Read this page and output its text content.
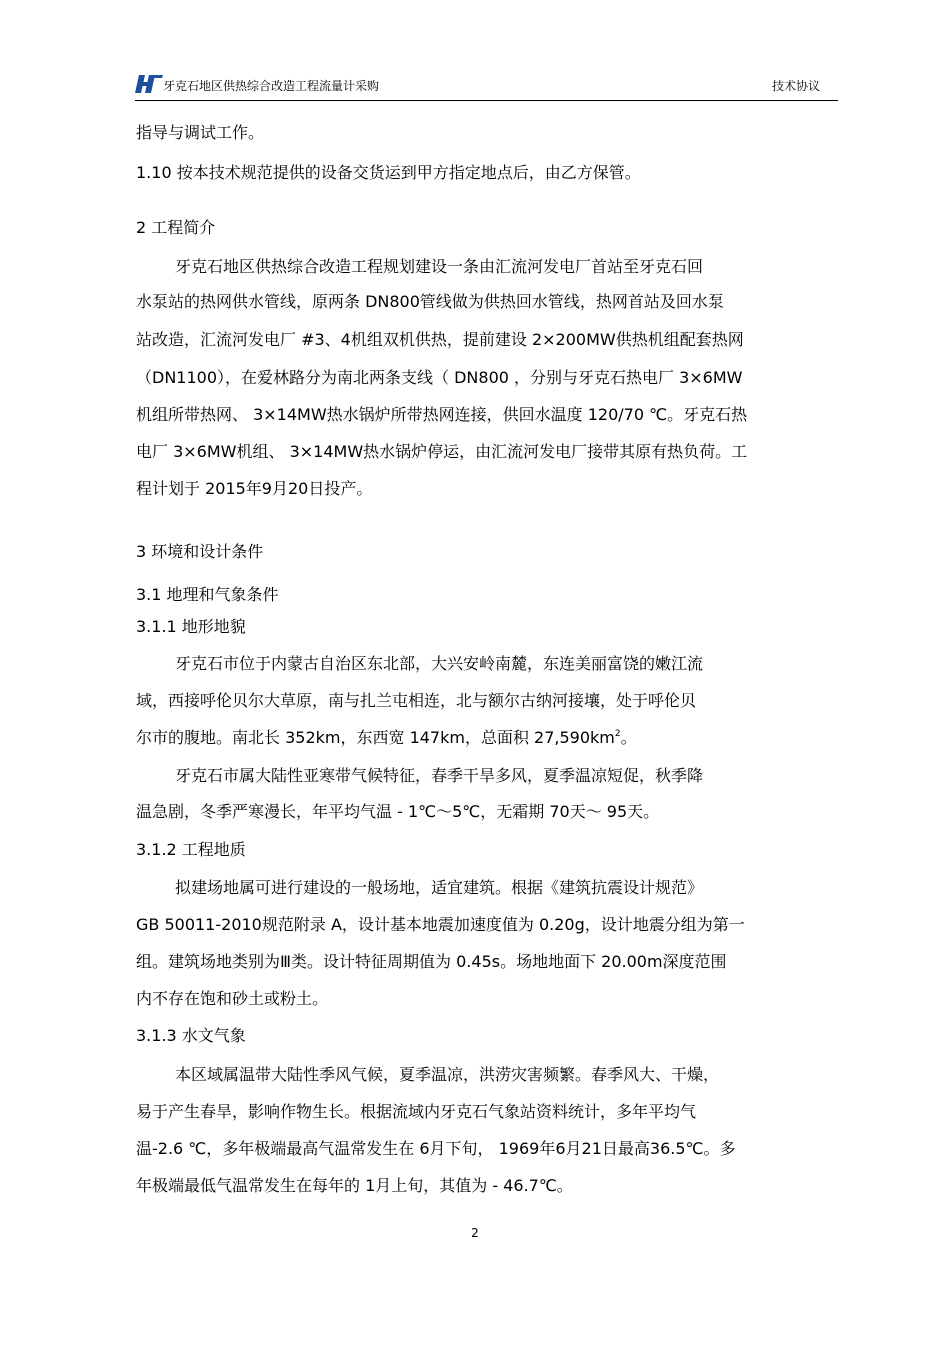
牙克石地区供热综合改造工程流量计采购	技术协议
指导与调试工作。
1.10 按本技术规范提供的设备交货运到甲方指定地点后，由乙方保管。
2 工程简介
牙克石地区供热综合改造工程规划建设一条由汇流河发电厂首站至牙克石回
水泵站的热网供水管线，原两条 DN800管线做为供热回水管线，热网首站及回水泵
站改造，汇流河发电厂 #3、4机组双机供热，提前建设 2×200MW供热机组配套热网
（DN1100），在爱林路分为南北两条支线（ DN800 ，分别与牙克石热电厂 3×6MW
机组所带热网、 3×14MW热水锅炉所带热网连接，供回水温度 120/70 ℃。牙克石热
电厂 3×6MW机组、 3×14MW热水锅炉停运，由汇流河发电厂接带其原有热负荷。工
程计划于 2015年9月20日投产。
3 环境和设计条件
3.1 地理和气象条件
3.1.1 地形地貌
牙克石市位于内蒙古自治区东北部，大兴安岭南麓，东连美丽富饶的嫩江流
域，西接呼伦贝尔大草原，南与扎兰屯相连，北与额尔古纳河接壤，处于呼伦贝
尔市的腹地。南北长 352km，东西宽 147km，总面积 $27,590km^2$。
牙克石市属大陆性亚寒带气候特征，春季干旱多风，夏季温凉短促，秋季降
温急剧，冬季严寒漫长，年平均气温 - 1℃～5℃，无霜期 70天～ 95天。
3.1.2 工程地质
拟建场地属可进行建设的一般场地，适宜建筑。根据《建筑抗震设计规范》
GB 50011-2010规范附录 A，设计基本地震加速度值为 0.20g，设计地震分组为第一
组。建筑场地类别为Ⅲ类。设计特征周期值为 0.45s。场地地面下 20.00m深度范围
内不存在饱和砂土或粉土。
3.1.3 水文气象
本区域属温带大陆性季风气候，夏季温凉，洪涝灾害频繁。春季风大、干燥，
易于产生春旱，影响作物生长。根据流域内牙克石气象站资料统计，多年平均气
温-2.6 ℃，多年极端最高气温常发生在 6月下旬， 1969年6月21日最高36.5℃。多
年极端最低气温常发生在每年的 1月上旬，其值为 - 46.7℃。
2
